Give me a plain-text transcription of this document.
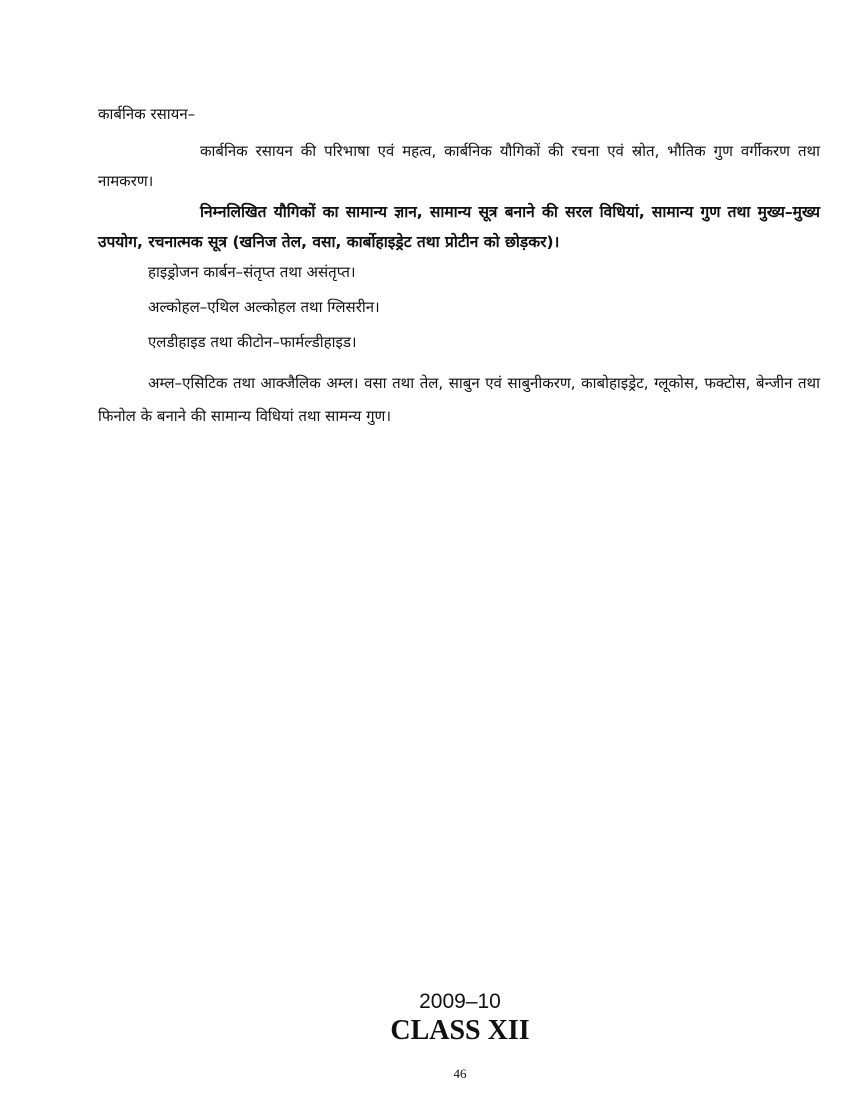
कार्बनिक रसायन–

कार्बनिक रसायन की परिभाषा एवं महत्व, कार्बनिक यौगिकों की रचना एवं स्रोत, भौतिक गुण वर्गीकरण तथा नामकरण।

निम्नलिखित यौगिकों का सामान्य ज्ञान, सामान्य सूत्र बनाने की सरल विधियां, सामान्य गुण तथा मुख्य–मुख्य उपयोग, रचनात्मक सूत्र (खनिज तेल, वसा, कार्बोहाइड्रेट तथा प्रोटीन को छोड़कर)।

हाइड्रोजन कार्बन–संतृप्त तथा असंतृप्त।

अल्कोहल–एथिल अल्कोहल तथा ग्लिसरीन।

एलडीहाइड तथा कीटोन–फार्मल्डीहाइड।

अम्ल–एसिटिक तथा आक्जैलिक अम्ल। वसा तथा तेल, साबुन एवं साबुनीकरण, काबोहाइड्रेट, ग्लूकोस, फक्टोस, बेन्जीन तथा फिनोल के बनाने की सामान्य विधियां तथा सामन्य गुण।

2009–10

CLASS XII

46
